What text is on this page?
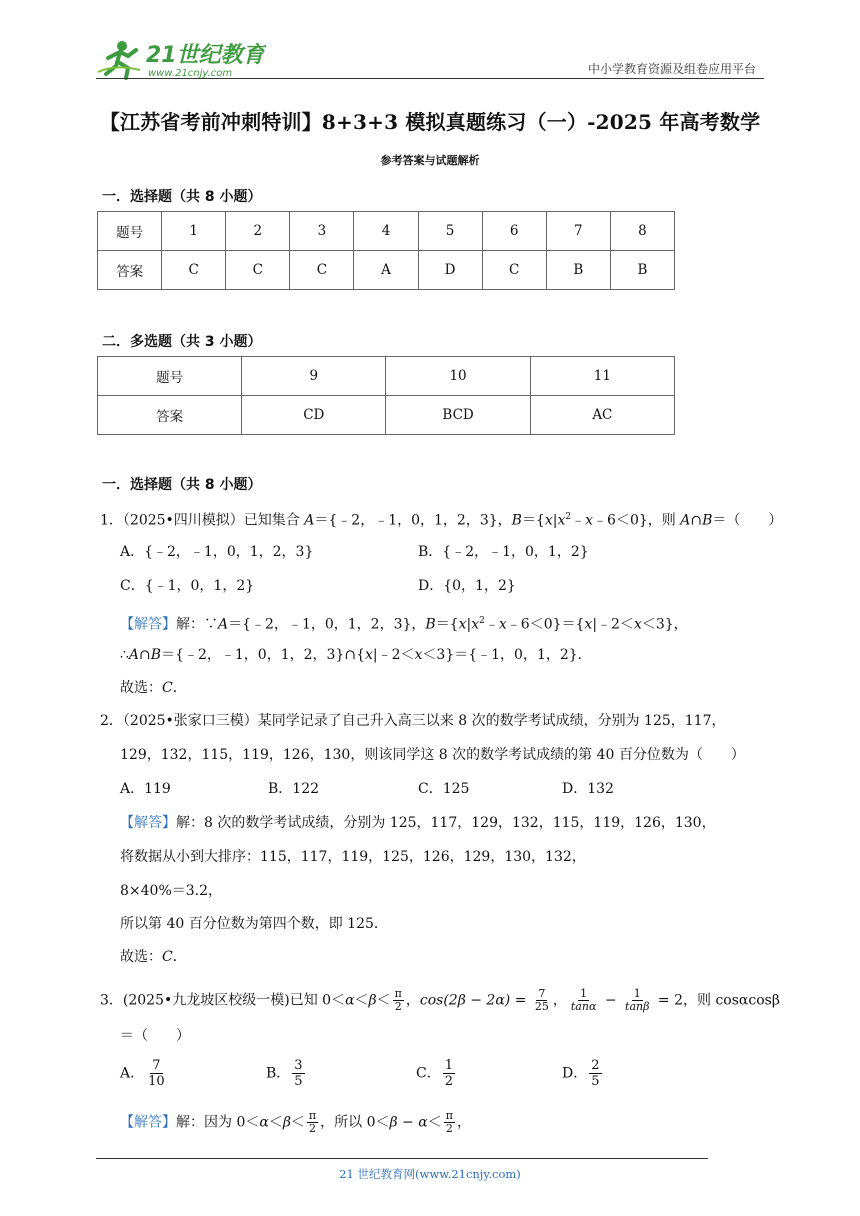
21世纪教育
www.21cnjy.com	中小学教育资源及组卷应用平台
【江苏省考前冲刺特训】8+3+3 模拟真题练习（一）-2025 年高考数学
参考答案与试题解析
一．选择题（共 8 小题）
题号	1	2	3	4	5	6	7	8
答案	C	C	C	A	D	C	B	B
二．多选题（共 3 小题）
题号	9	10	11
答案	CD	BCD	AC
一．选择题（共 8 小题）
1．（2025•四川模拟）已知集合 A＝{﹣2，﹣1，0，1，2，3}，$B=\{x|x^2﹣x﹣6<0\}$，则 A∩B＝（　　）
A．{﹣2，﹣1，0，1，2，3}	B．{﹣2，﹣1，0，1，2}
C．{﹣1，0，1，2}	D．{0，1，2}
【解答】解：∵A＝{﹣2，﹣1，0，1，2，3}，$B=\{x|x^2﹣x﹣6<0\}=\{x|﹣2<x<3\}$，
∴A∩B＝{﹣2，﹣1，0，1，2，3}∩{x|﹣2＜x＜3}＝{﹣1，0，1，2}．
故选：C．
2．（2025•张家口三模）某同学记录了自己升入高三以来 8 次的数学考试成绩，分别为 125，117，
129，132，115，119，126，130，则该同学这 8 次的数学考试成绩的第 40 百分位数为（　　）
A．119	B．122	C．125	D．132
【解答】解：8 次的数学考试成绩，分别为 125，117，129，132，115，119，126，130，
将数据从小到大排序：115，117，119，125，126，129，130，132，
8×40%＝3.2，
所以第 40 百分位数为第四个数，即 125．
故选：C．
3．(2025•九龙坡区校级一模)已知 $0<\alpha<\beta< \frac{\pi}{2}$ ，$\cos(2\beta - 2\alpha) = \frac{7}{25}$ ， $\frac{1}{\tan\alpha} - \frac{1}{\tan\beta} = 2$，则 cosαcosβ
＝（　　）
A． $\frac{7}{10}$	B． $\frac{3}{5}$	C． $\frac{1}{2}$	D． $\frac{2}{5}$
【解答】解：因为 $0<\alpha<\beta< \frac{\pi}{2}$ ，所以 $0<\beta - \alpha< \frac{\pi}{2}$ ，
21 世纪教育网(www.21cnjy.com)
